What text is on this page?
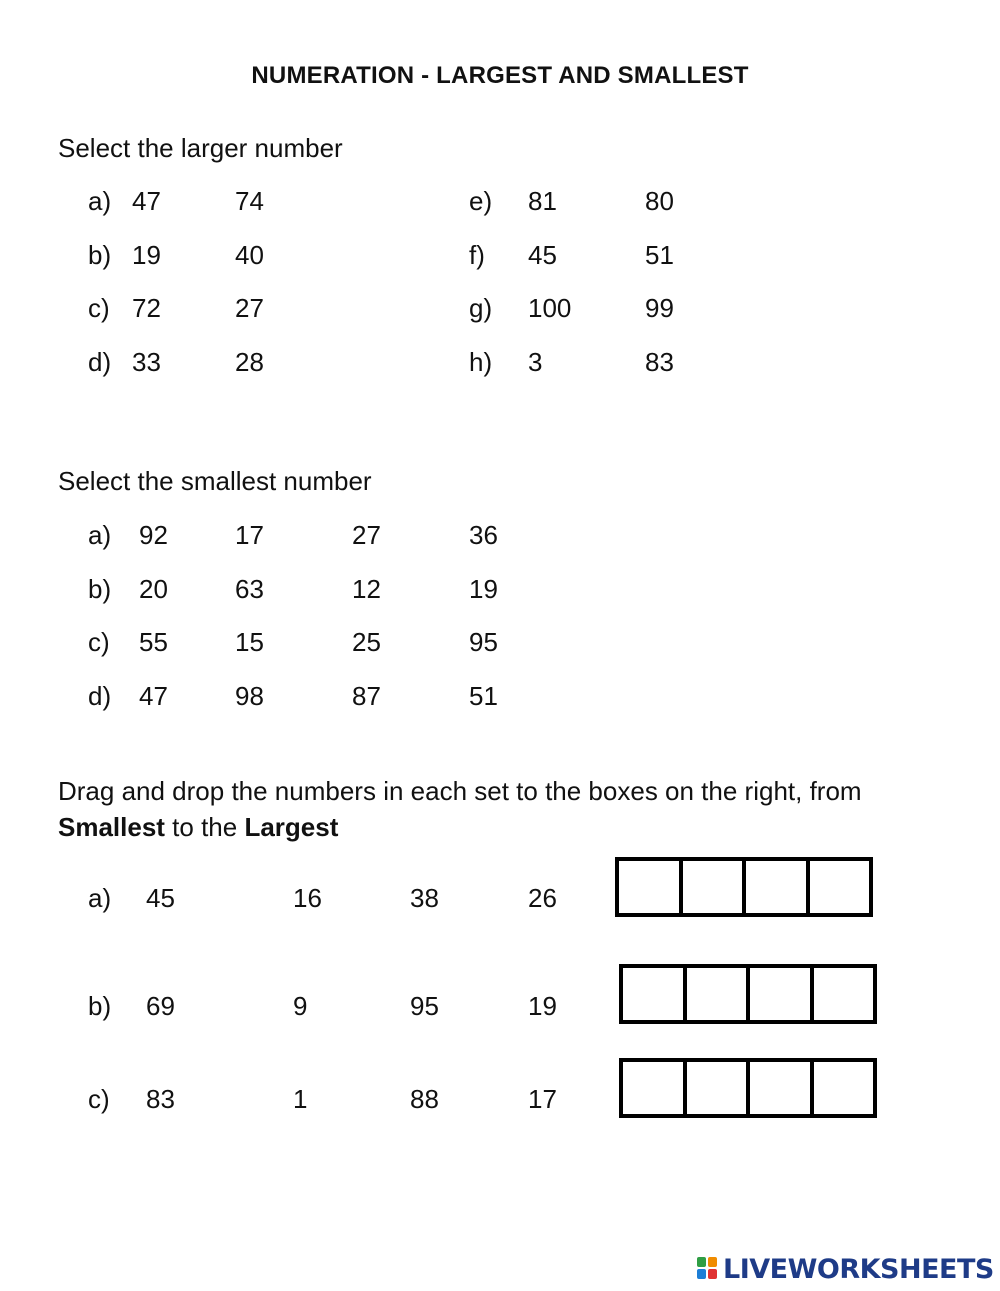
NUMERATION - LARGEST AND SMALLEST
Select the larger number
a) 47	74
b) 19	40
c) 72	27
d) 33	28
e) 81	80
f) 45	51
g) 100	99
h) 3	83
Select the smallest number
a) 92	17	27	36
b) 20	63	12	19
c) 55	15	25	95
d) 47	98	87	51
Drag and drop the numbers in each set to the boxes on the right, from
Smallest to the Largest
a) 45	16	38	26
b) 69	9	95	19
c) 83	1	88	17
LIVEWORKSHEETS
